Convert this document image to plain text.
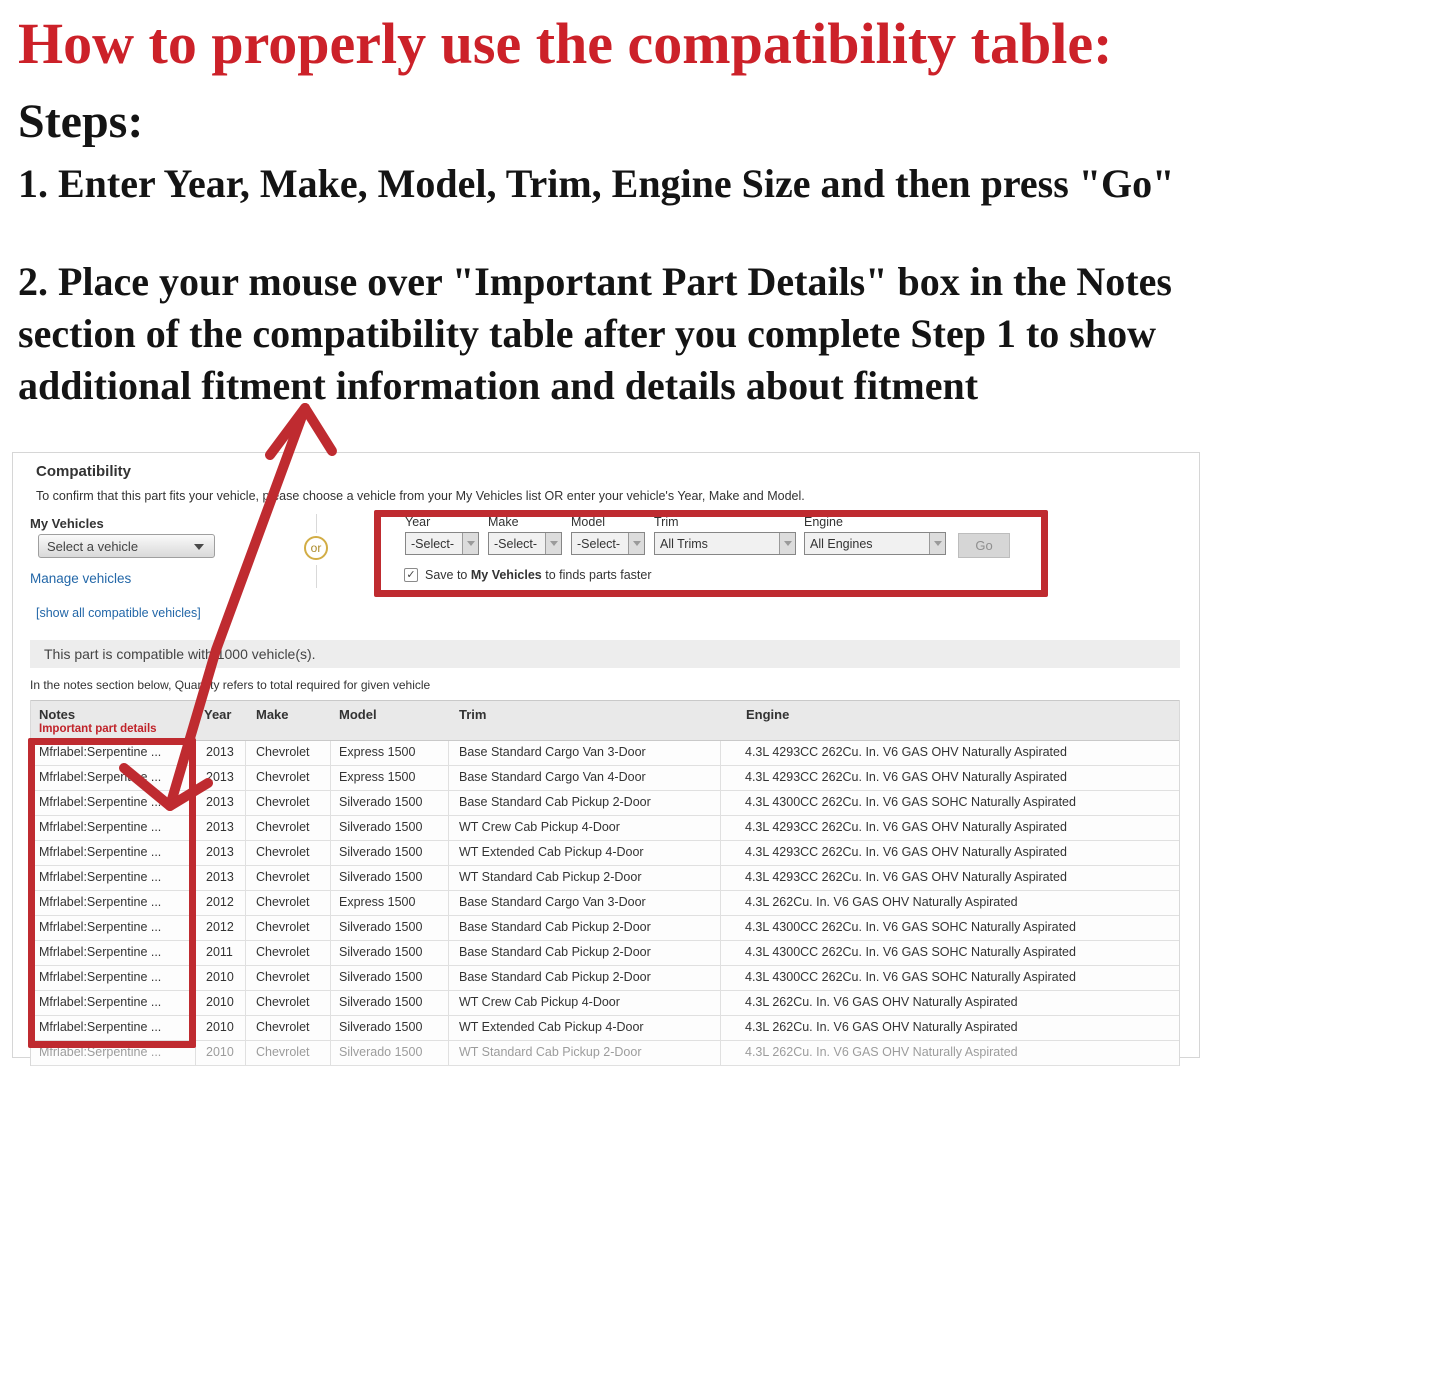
How to properly use the compatibility table:
Steps:
1. Enter Year, Make, Model, Trim, Engine Size and then press "Go"
2. Place your mouse over "Important Part Details" box in the Notes
section of the compatibility table after you complete Step 1 to show
additional fitment information and details about fitment
Compatibility
To confirm that this part fits your vehicle, please choose a vehicle from your My Vehicles list OR enter your vehicle's Year, Make and Model.
My Vehicles
Select a vehicle
Manage vehicles
[show all compatible vehicles]
or
Year
-Select-
Make
-Select-
Model
-Select-
Trim
All Trims
Engine
All Engines	Go
✓ Save to My Vehicles to finds parts faster
This part is compatible with 1000 vehicle(s).
In the notes section below, Quantity refers to total required for given vehicle
Notes
Important part details
Year Make	Model	Trim	Engine
Mfrlabel:Serpentine ...	2013	Chevrolet	Express 1500	Base Standard Cargo Van 3-Door	4.3L 4293CC 262Cu. In. V6 GAS OHV Naturally Aspirated
Mfrlabel:Serpentine ...	2013	Chevrolet	Express 1500	Base Standard Cargo Van 4-Door	4.3L 4293CC 262Cu. In. V6 GAS OHV Naturally Aspirated
Mfrlabel:Serpentine ...	2013	Chevrolet	Silverado 1500	Base Standard Cab Pickup 2-Door	4.3L 4300CC 262Cu. In. V6 GAS SOHC Naturally Aspirated
Mfrlabel:Serpentine ...	2013	Chevrolet	Silverado 1500	WT Crew Cab Pickup 4-Door	4.3L 4293CC 262Cu. In. V6 GAS OHV Naturally Aspirated
Mfrlabel:Serpentine ...	2013	Chevrolet	Silverado 1500	WT Extended Cab Pickup 4-Door	4.3L 4293CC 262Cu. In. V6 GAS OHV Naturally Aspirated
Mfrlabel:Serpentine ...	2013	Chevrolet	Silverado 1500	WT Standard Cab Pickup 2-Door	4.3L 4293CC 262Cu. In. V6 GAS OHV Naturally Aspirated
Mfrlabel:Serpentine ...	2012	Chevrolet	Express 1500	Base Standard Cargo Van 3-Door	4.3L 262Cu. In. V6 GAS OHV Naturally Aspirated
Mfrlabel:Serpentine ...	2012	Chevrolet	Silverado 1500	Base Standard Cab Pickup 2-Door	4.3L 4300CC 262Cu. In. V6 GAS SOHC Naturally Aspirated
Mfrlabel:Serpentine ...	2011	Chevrolet	Silverado 1500	Base Standard Cab Pickup 2-Door	4.3L 4300CC 262Cu. In. V6 GAS SOHC Naturally Aspirated
Mfrlabel:Serpentine ...	2010	Chevrolet	Silverado 1500	Base Standard Cab Pickup 2-Door	4.3L 4300CC 262Cu. In. V6 GAS SOHC Naturally Aspirated
Mfrlabel:Serpentine ...	2010	Chevrolet	Silverado 1500	WT Crew Cab Pickup 4-Door	4.3L 262Cu. In. V6 GAS OHV Naturally Aspirated
Mfrlabel:Serpentine ...	2010	Chevrolet	Silverado 1500	WT Extended Cab Pickup 4-Door	4.3L 262Cu. In. V6 GAS OHV Naturally Aspirated
Mfrlabel:Serpentine ...	2010	Chevrolet	Silverado 1500	WT Standard Cab Pickup 2-Door	4.3L 262Cu. In. V6 GAS OHV Naturally Aspirated
